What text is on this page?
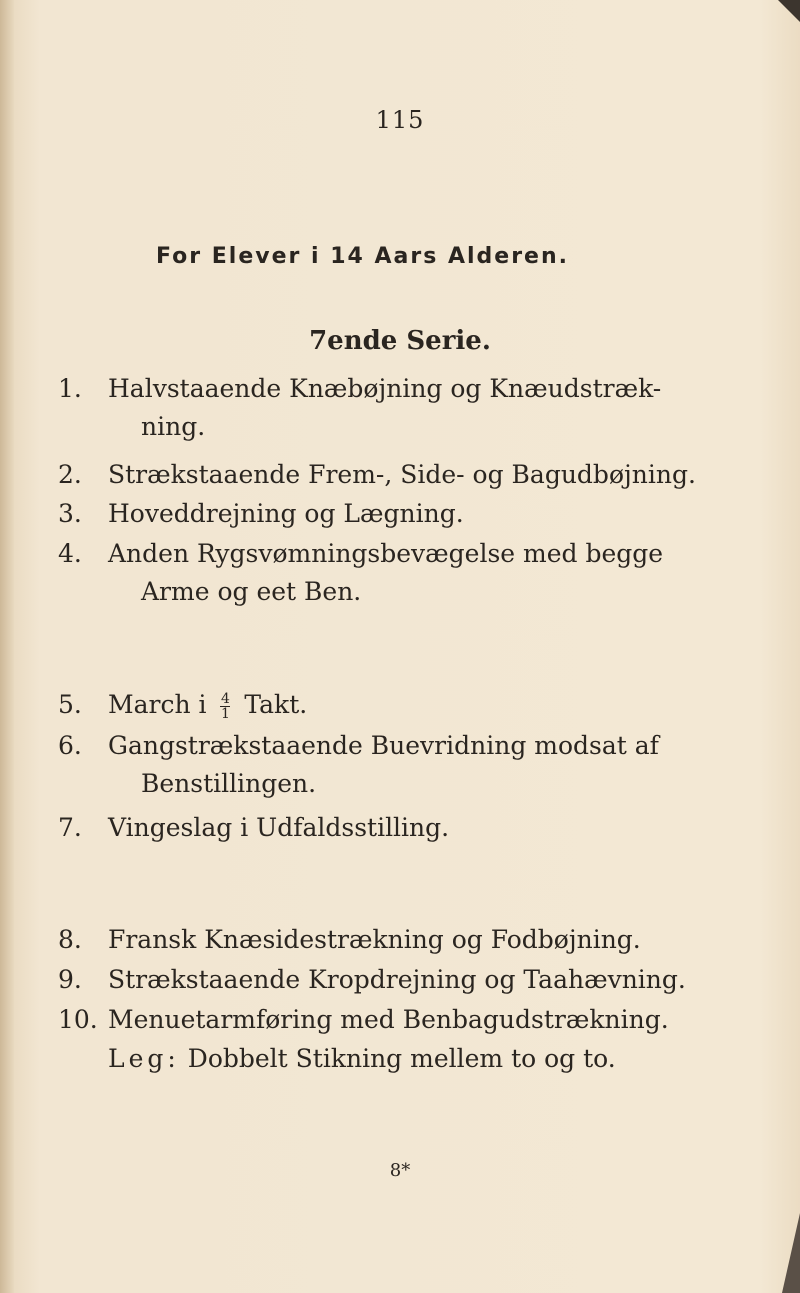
115
For Elever i 14 Aars Alderen.
7ende Serie.
1.	Halvstaaende Knæbøjning og Knæudstræk-
ning.
2.	Strækstaaende Frem-, Side- og Bagudbøjning.
3.	Hoveddrejning og Lægning.
4.	Anden Rygsvømningsbevægelse med begge
Arme og eet Ben.
5.	March i $\frac{4}{1}$ Takt.
6.	Gangstrækstaaende Buevridning modsat af
Benstillingen.
7.	Vingeslag i Udfaldsstilling.
8.	Fransk Knæsidestrækning og Fodbøjning.
9.	Strækstaaende Kropdrejning og Taahævning.
10. Menuetarmføring med Benbagudstrækning.
Leg: Dobbelt Stikning mellem to og to.
8*
